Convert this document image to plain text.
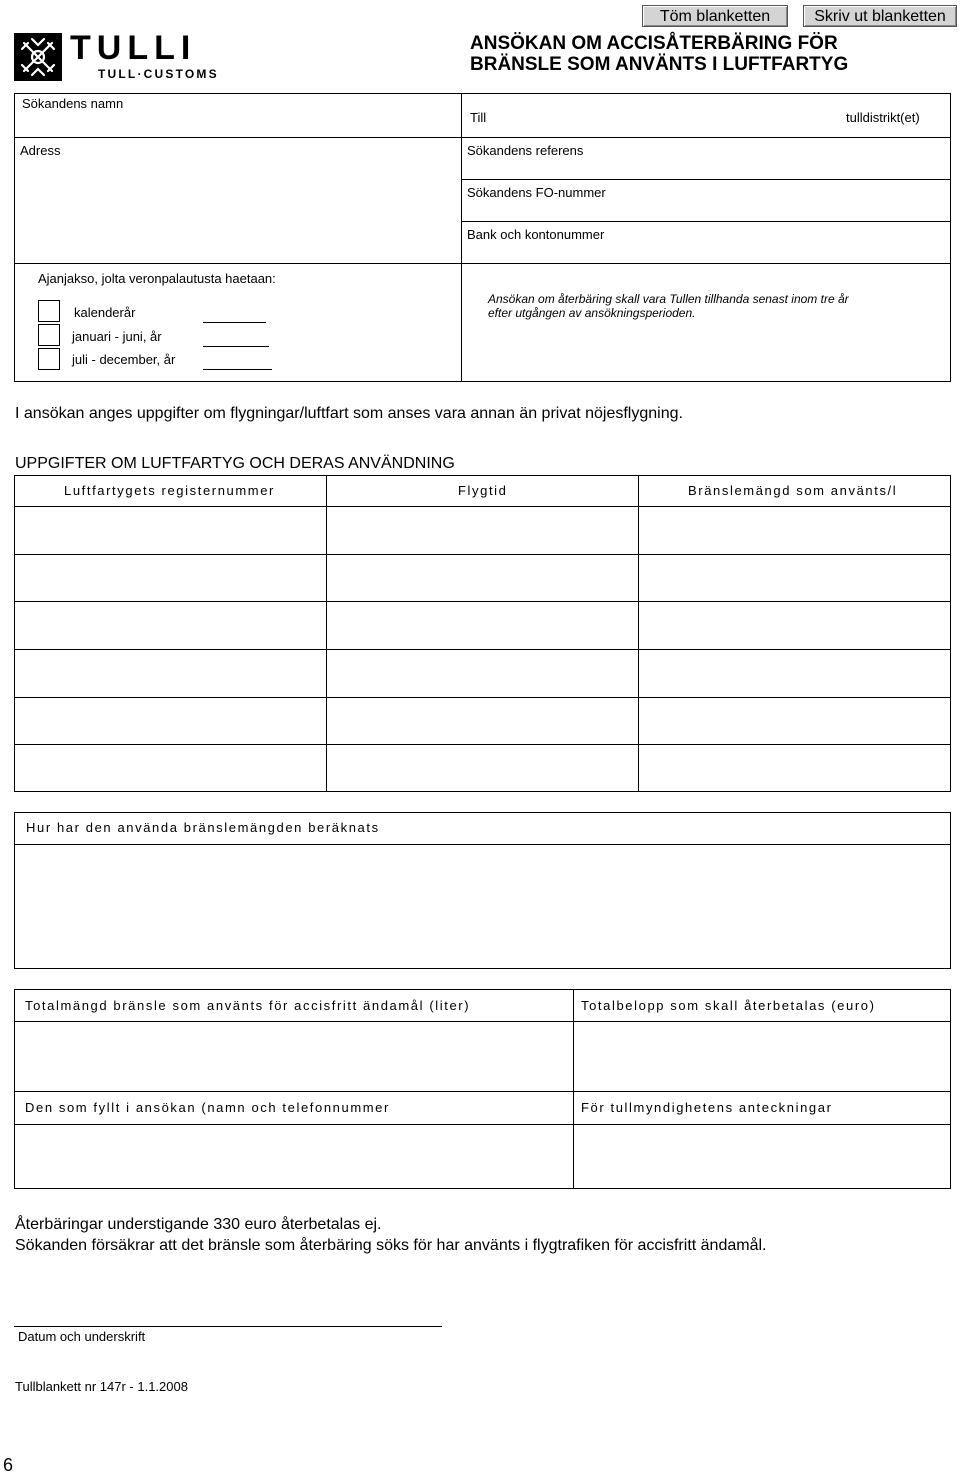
Töm blanketten	Skriv ut blanketten
TULLI
TULL·CUSTOMS
ANSÖKAN OM ACCISÅTERBÄRING FÖR
BRÄNSLE SOM ANVÄNTS I LUFTFARTYG
Sökandens namn
Till	tulldistrikt(et)
Adress	Sökandens referens
Sökandens FO-nummer
Bank och kontonummer
Ajanjakso, jolta veronpalautusta haetaan:
kalenderår
januari - juni, år
juli - december, år
Ansökan om återbäring skall vara Tullen tillhanda senast inom tre år
efter utgången av ansökningsperioden.
I ansökan anges uppgifter om flygningar/luftfart som anses vara annan än privat nöjesflygning.
UPPGIFTER OM LUFTFARTYG OCH DERAS ANVÄNDNING
Luftfartygets registernummer	Flygtid	Bränslemängd som använts/l
Hur har den använda bränslemängden beräknats
Totalmängd bränsle som använts för accisfritt ändamål (liter)	Totalbelopp som skall återbetalas (euro)
Den som fyllt i ansökan (namn och telefonnummer	För tullmyndighetens anteckningar
Återbäringar understigande 330 euro återbetalas ej.
Sökanden försäkrar att det bränsle som återbäring söks för har använts i flygtrafiken för accisfritt ändamål.
Datum och underskrift
Tullblankett nr 147r - 1.1.2008
6
